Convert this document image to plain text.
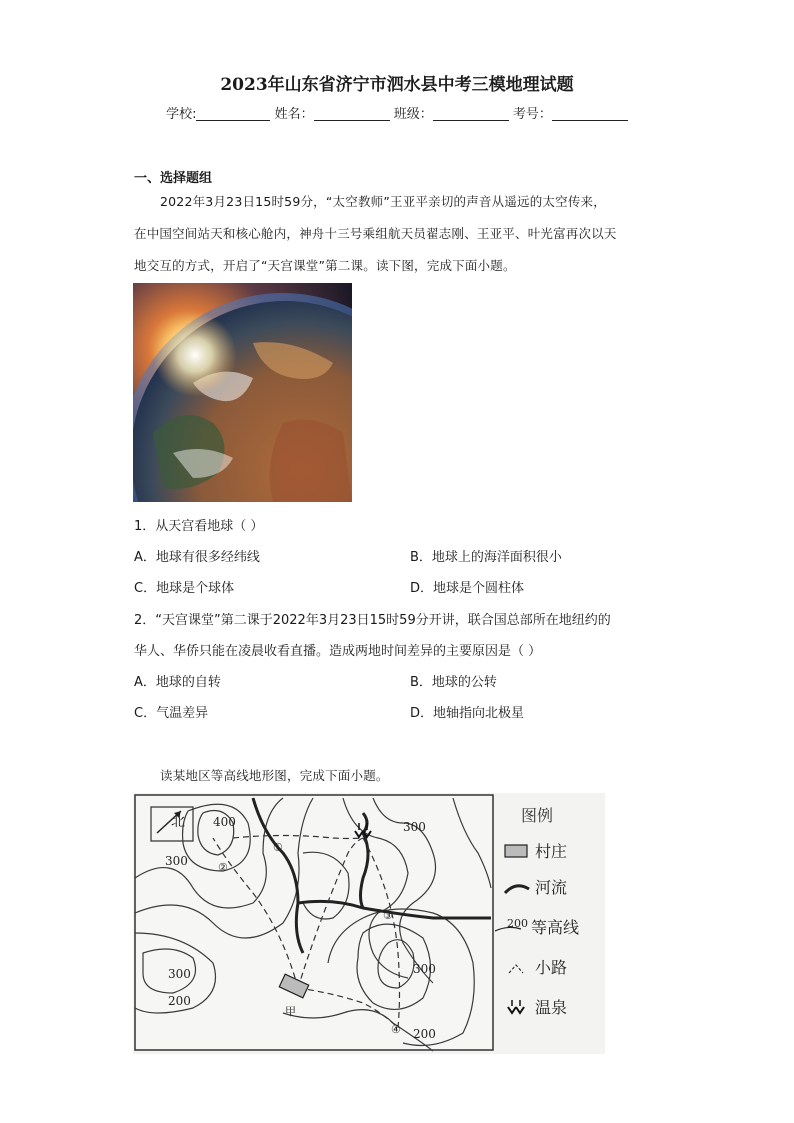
2023年山东省济宁市泗水县中考三模地理试题
学校:	姓名：	班级：	考号：
一、选择题组
2022年3月23日15时59分，“太空教师”王亚平亲切的声音从遥远的太空传来，
在中国空间站天和核心舱内，神舟十三号乘组航天员翟志刚、王亚平、叶光富再次以天
地交互的方式，开启了“天宫课堂”第二课。读下图，完成下面小题。
1．从天宫看地球（ ）
A．地球有很多经纬线	B．地球上的海洋面积很小
C．地球是个球体	D．地球是个圆柱体
2．“天宫课堂”第二课于2022年3月23日15时59分开讲，联合国总部所在地纽约的
华人、华侨只能在凌晨收看直播。造成两地时间差异的主要原因是（ ）
A．地球的自转	B．地球的公转
C．气温差异	D．地轴指向北极星
读某地区等高线地形图，完成下面小题。
北 400
300
300
300	300
200
200
甲
①
②
③
④
图例
村庄
河流
200 等高线
小路
温泉
